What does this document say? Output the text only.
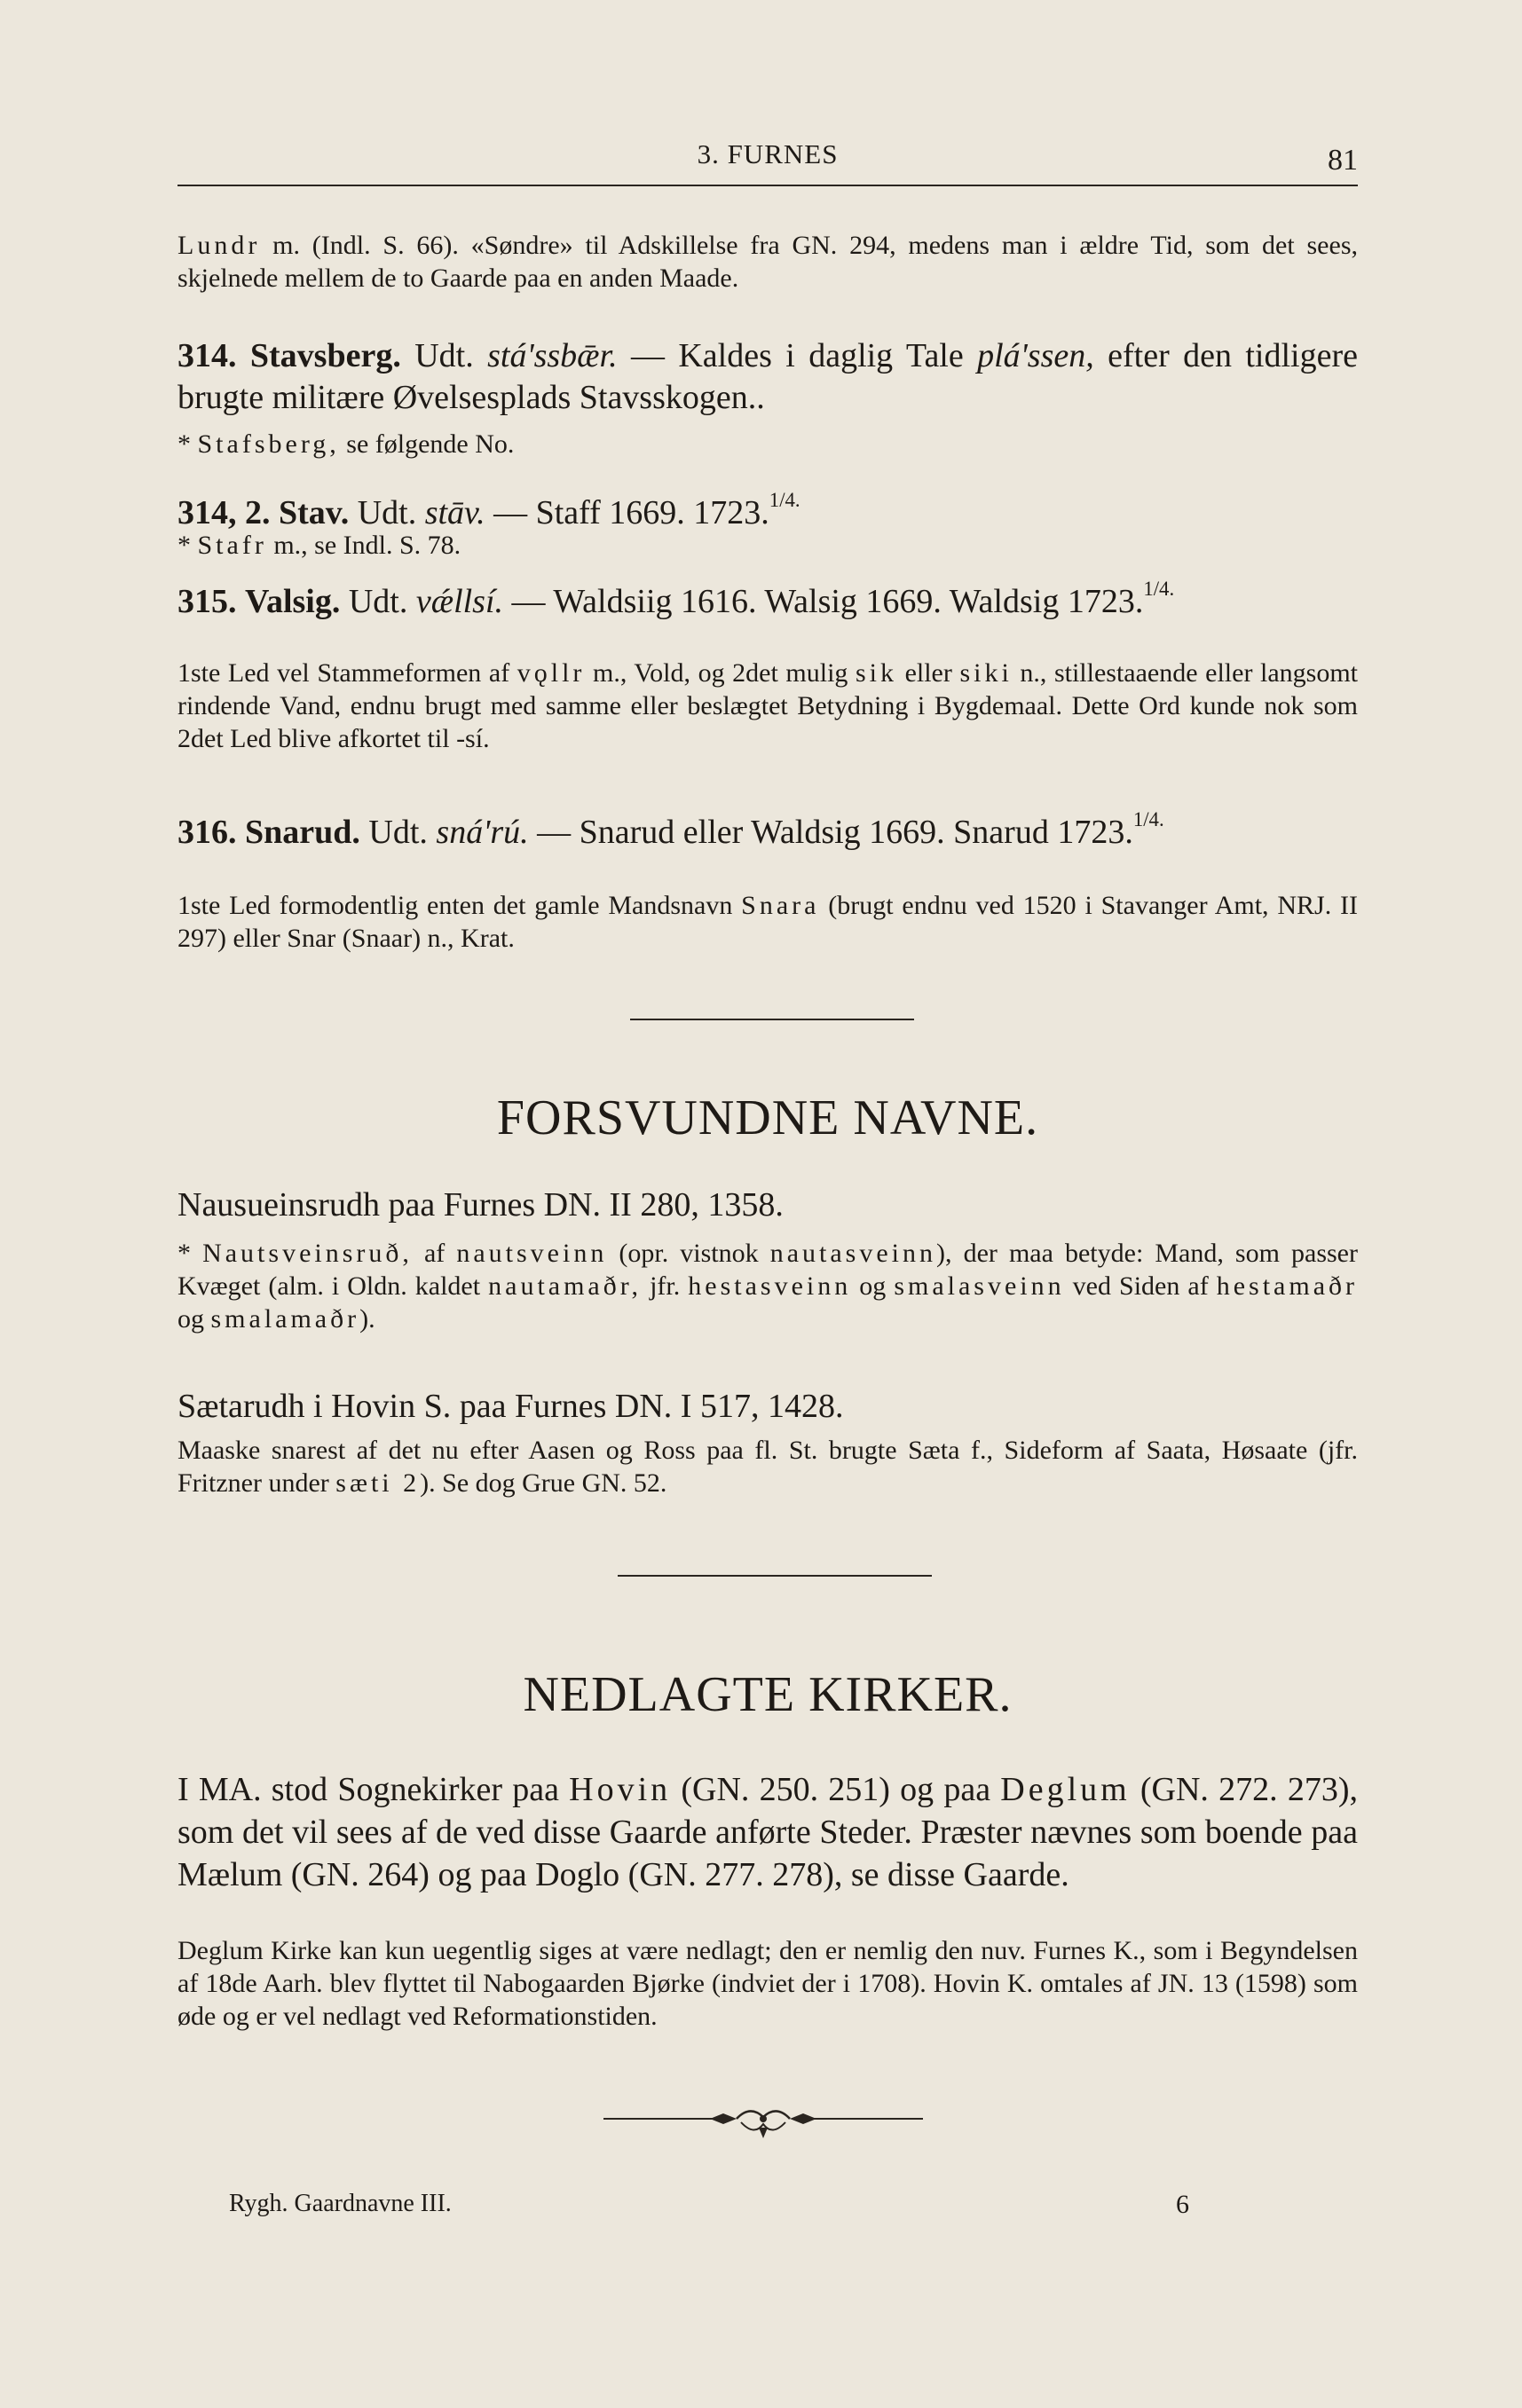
3. FURNES	81
Lundr m. (Indl. S. 66). «Søndre» til Adskillelse fra GN. 294, medens man i ældre Tid, som det sees, skjelnede mellem de to Gaarde paa en anden Maade.
314. Stavsberg. Udt. stá'ssbǣr. — Kaldes i daglig Tale plá'ssen, efter den tidligere brugte militære Øvelsesplads Stavsskogen..
* Stafsberg, se følgende No.
314, 2. Stav. Udt. stāv. — Staff 1669. 1723.$^{1/4.}$
* Stafr m., se Indl. S. 78.
315. Valsig. Udt. vǽllsí. — Waldsiig 1616. Walsig 1669. Waldsig 1723.$^{1/4.}$
1ste Led vel Stammeformen af vǫllr m., Vold, og 2det mulig sik eller siki n., stillestaaende eller langsomt rindende Vand, endnu brugt med samme eller beslægtet Betydning i Bygdemaal. Dette Ord kunde nok som 2det Led blive afkortet til -sí.
316. Snarud. Udt. sná'rú. — Snarud eller Waldsig 1669. Snarud 1723.$^{1/4.}$
1ste Led formodentlig enten det gamle Mandsnavn Snara (brugt endnu ved 1520 i Stavanger Amt, NRJ. II 297) eller Snar (Snaar) n., Krat.
FORSVUNDNE NAVNE.
Nausueinsrudh paa Furnes DN. II 280, 1358.
* Nautsveinsruð, af nautsveinn (opr. vistnok nautasveinn), der maa betyde: Mand, som passer Kvæget (alm. i Oldn. kaldet nautamaðr, jfr. hestasveinn og smalasveinn ved Siden af hestamaðr og smalamaðr).
Sætarudh i Hovin S. paa Furnes DN. I 517, 1428.
Maaske snarest af det nu efter Aasen og Ross paa fl. St. brugte Sæta f., Sideform af Saata, Høsaate (jfr. Fritzner under sæti 2). Se dog Grue GN. 52.
NEDLAGTE KIRKER.
I MA. stod Sognekirker paa Hovin (GN. 250. 251) og paa Deglum (GN. 272. 273), som det vil sees af de ved disse Gaarde anførte Steder. Præster nævnes som boende paa Mælum (GN. 264) og paa Doglo (GN. 277. 278), se disse Gaarde.
Deglum Kirke kan kun uegentlig siges at være nedlagt; den er nemlig den nuv. Furnes K., som i Begyndelsen af 18de Aarh. blev flyttet til Nabogaarden Bjørke (indviet der i 1708). Hovin K. omtales af JN. 13 (1598) som øde og er vel nedlagt ved Reformationstiden.
Rygh. Gaardnavne III.	6
